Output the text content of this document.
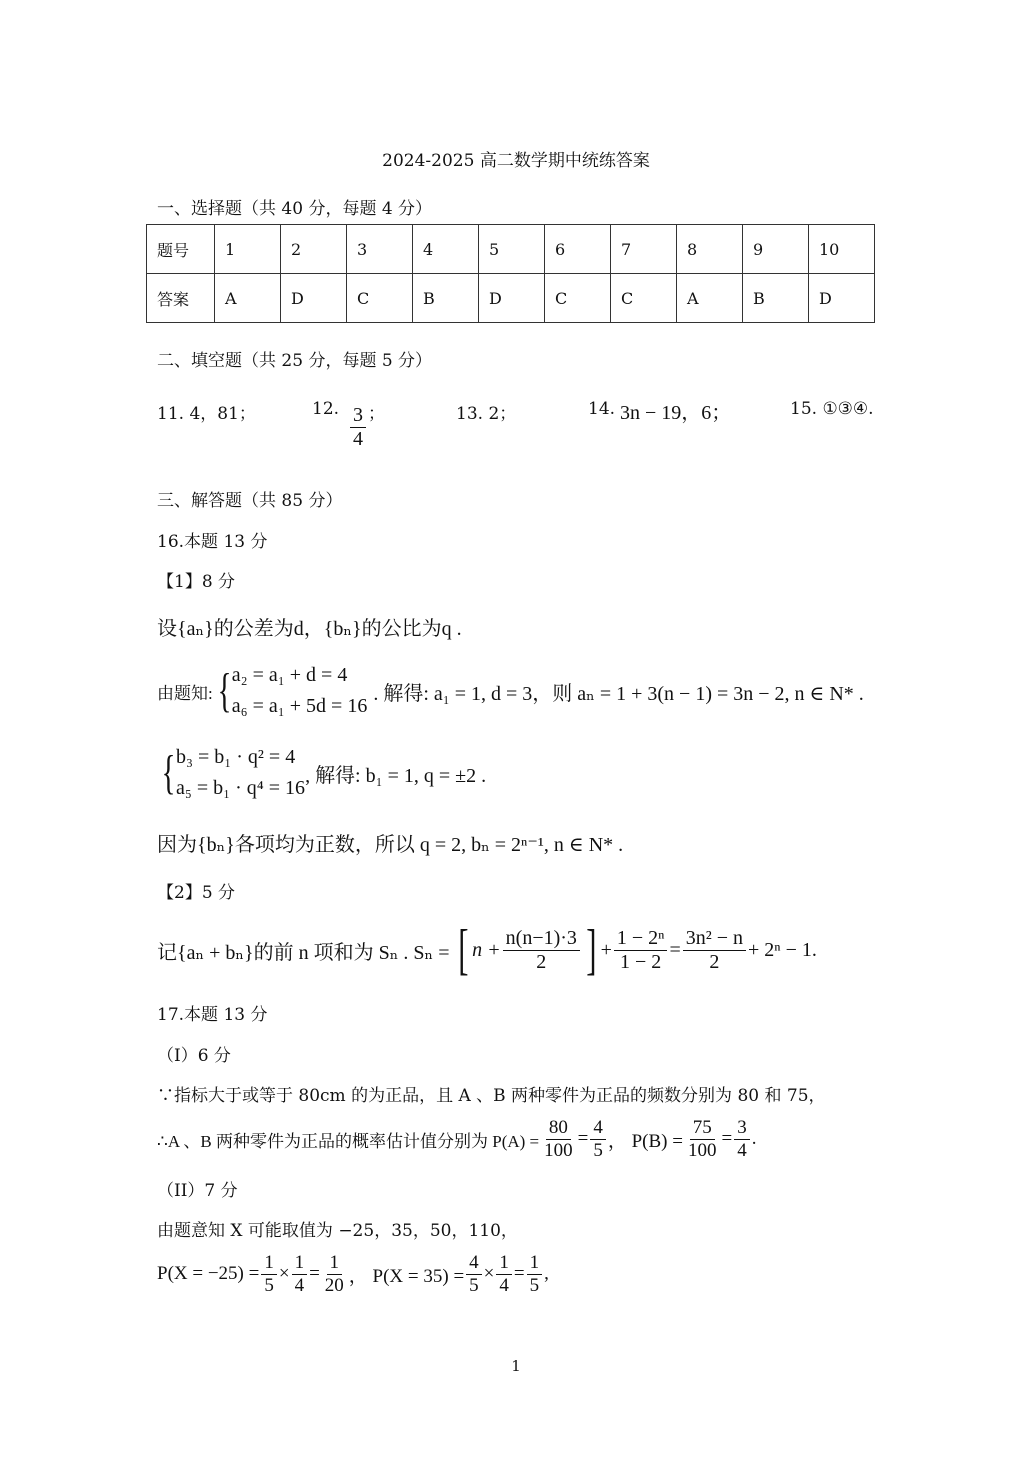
2024-2025 高二数学期中统练答案
一、选择题（共 40 分，每题 4 分）
题号	1	2	3	4	5	6	7	8	9	10
答案	A	D	C	B	D	C	C	A	B	D
二、填空题（共 25 分，每题 5 分）
11. 4，81；	12. $\frac{3}{4}$ ；	13. 2；	14. 3n − 19，6；	15. ①③④.
三、解答题（共 85 分）
16.本题 13 分
【1】8 分
设{aₙ}的公差为d，{bₙ}的公比为q .
由题知: { a₂ = a₁ + d = 4
a₆ = a₁ + 5d = 16
. 解得: a₁ = 1, d = 3，则 aₙ = 1 + 3(n − 1) = 3n − 2, n ∈ N* .
{ b₃ = b₁ · q² = 4
a₅ = b₁ · q⁴ = 16
, 解得: b₁ = 1, q = ±2 .
因为{bₙ}各项均为正数，所以 q = 2, bₙ = 2ⁿ⁻¹, n ∈ N* .
【2】5 分
记{aₙ + bₙ}的前 n 项和为 Sₙ . Sₙ = [ $n + \frac{n(n-1)\cdot 3}{2}$ ] + $\frac{\text{1 − 2ⁿ}}{1 - 2} = \frac{\text{3n² − n}}{2} + 2^n - 1$.
17.本题 13 分
（I）6 分
∵指标大于或等于 80cm 的为正品，且 A 、B 两种零件为正品的频数分别为 80 和 75，
∴A 、B 两种零件为正品的概率估计值分别为 $P(A) = \frac{80}{100} = \frac{4}{5}$ ， $P(B) = \frac{75}{100} = \frac{3}{4}$ .
（II）7 分
由题意知 X 可能取值为 −25，35，50，110，
$P(X = -25) = \frac{1}{5} \times \frac{1}{4} = \frac{1}{20}$ ， $P(X = 35) = \frac{4}{5} \times \frac{1}{4} = \frac{1}{5}$ ,
1
